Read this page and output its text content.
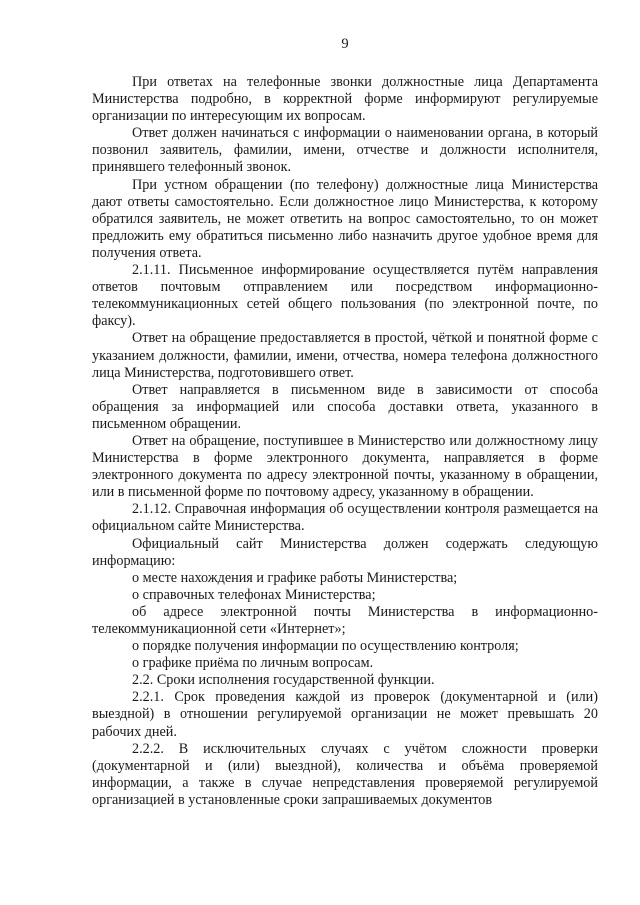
9

При ответах на телефонные звонки должностные лица Департамента Министерства подробно, в корректной форме информируют регулируемые организации по интересующим их вопросам.

Ответ должен начинаться с информации о наименовании органа, в который позвонил заявитель, фамилии, имени, отчестве и должности исполнителя, принявшего телефонный звонок.

При устном обращении (по телефону) должностные лица Министерства дают ответы самостоятельно. Если должностное лицо Министерства, к которому обратился заявитель, не может ответить на вопрос самостоятельно, то он может предложить ему обратиться письменно либо назначить другое удобное время для получения ответа.

2.1.11. Письменное информирование осуществляется путём направления ответов почтовым отправлением или посредством информационно-телекоммуникационных сетей общего пользования (по электронной почте, по факсу).

Ответ на обращение предоставляется в простой, чёткой и понятной форме с указанием должности, фамилии, имени, отчества, номера телефона должностного лица Министерства, подготовившего ответ.

Ответ направляется в письменном виде в зависимости от способа обращения за информацией или способа доставки ответа, указанного в письменном обращении.

Ответ на обращение, поступившее в Министерство или должностному лицу Министерства в форме электронного документа, направляется в форме электронного документа по адресу электронной почты, указанному в обращении, или в письменной форме по почтовому адресу, указанному в обращении.

2.1.12. Справочная информация об осуществлении контроля размещается на официальном сайте Министерства.

Официальный сайт Министерства должен содержать следующую информацию:

о месте нахождения и графике работы Министерства;

о справочных телефонах Министерства;

об адресе электронной почты Министерства в информационно-телекоммуникационной сети «Интернет»;

о порядке получения информации по осуществлению контроля;

о графике приёма по личным вопросам.

2.2. Сроки исполнения государственной функции.

2.2.1. Срок проведения каждой из проверок (документарной и (или) выездной) в отношении регулируемой организации не может превышать 20 рабочих дней.

2.2.2. В исключительных случаях с учётом сложности проверки (документарной и (или) выездной), количества и объёма проверяемой информации, а также в случае непредставления проверяемой регулируемой организацией в установленные сроки запрашиваемых документов
